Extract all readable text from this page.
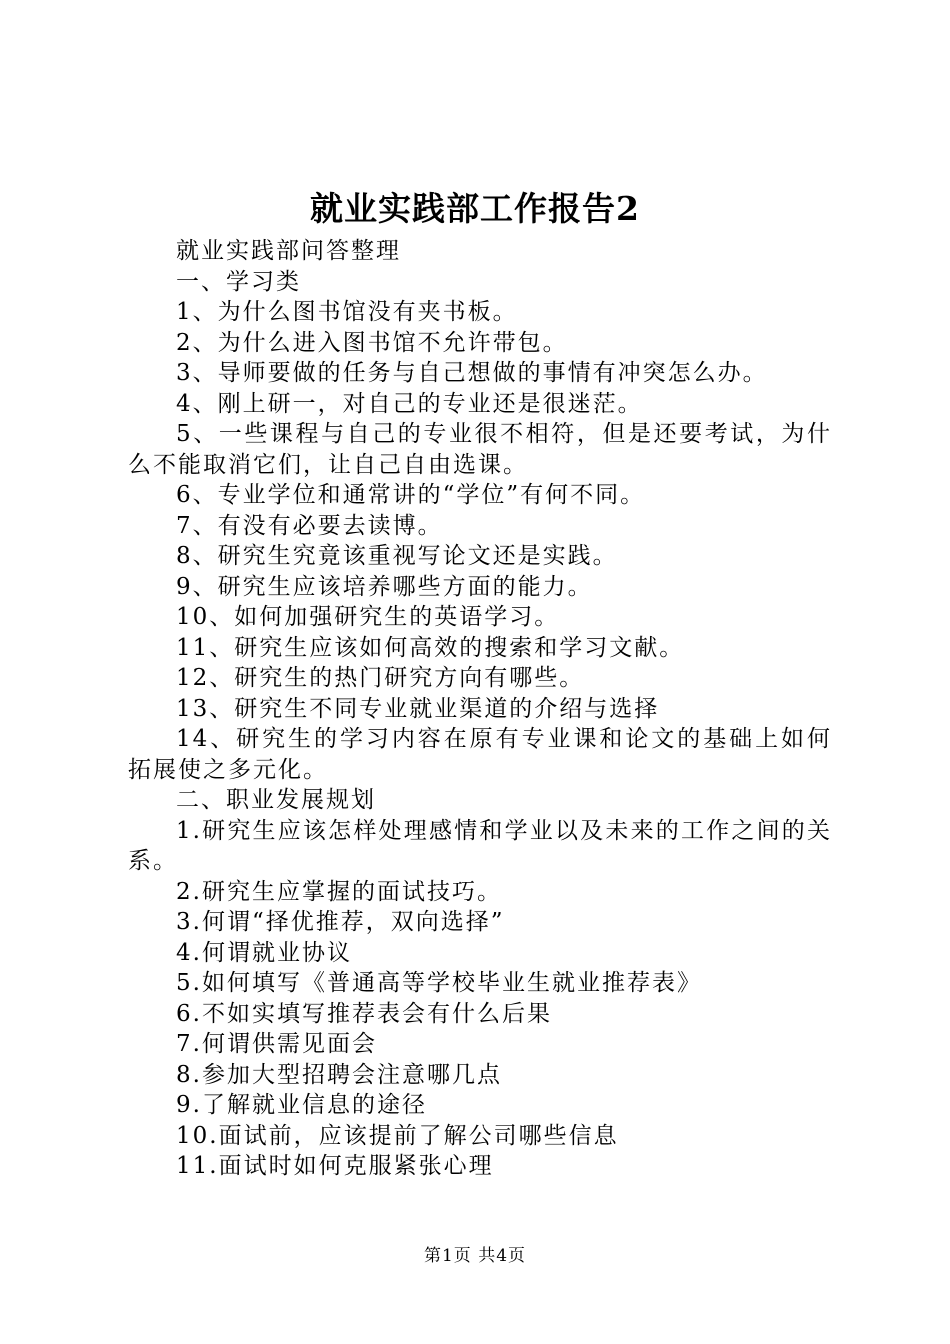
就业实践部工作报告2

就业实践部问答整理

一、学习类

1、为什么图书馆没有夹书板。

2、为什么进入图书馆不允许带包。

3、导师要做的任务与自己想做的事情有冲突怎么办。

4、刚上研一，对自己的专业还是很迷茫。

5、一些课程与自己的专业很不相符，但是还要考试，为什么不能取消它们，让自己自由选课。

6、专业学位和通常讲的“学位”有何不同。

7、有没有必要去读博。

8、研究生究竟该重视写论文还是实践。

9、研究生应该培养哪些方面的能力。

10、如何加强研究生的英语学习。

11、研究生应该如何高效的搜索和学习文献。

12、研究生的热门研究方向有哪些。

13、研究生不同专业就业渠道的介绍与选择

14、研究生的学习内容在原有专业课和论文的基础上如何拓展使之多元化。

二、职业发展规划

1.研究生应该怎样处理感情和学业以及未来的工作之间的关系。

2.研究生应掌握的面试技巧。

3.何谓“择优推荐，双向选择”

4.何谓就业协议

5.如何填写《普通高等学校毕业生就业推荐表》

6.不如实填写推荐表会有什么后果

7.何谓供需见面会

8.参加大型招聘会注意哪几点

9.了解就业信息的途径

10.面试前，应该提前了解公司哪些信息

11.面试时如何克服紧张心理

第1页 共4页
